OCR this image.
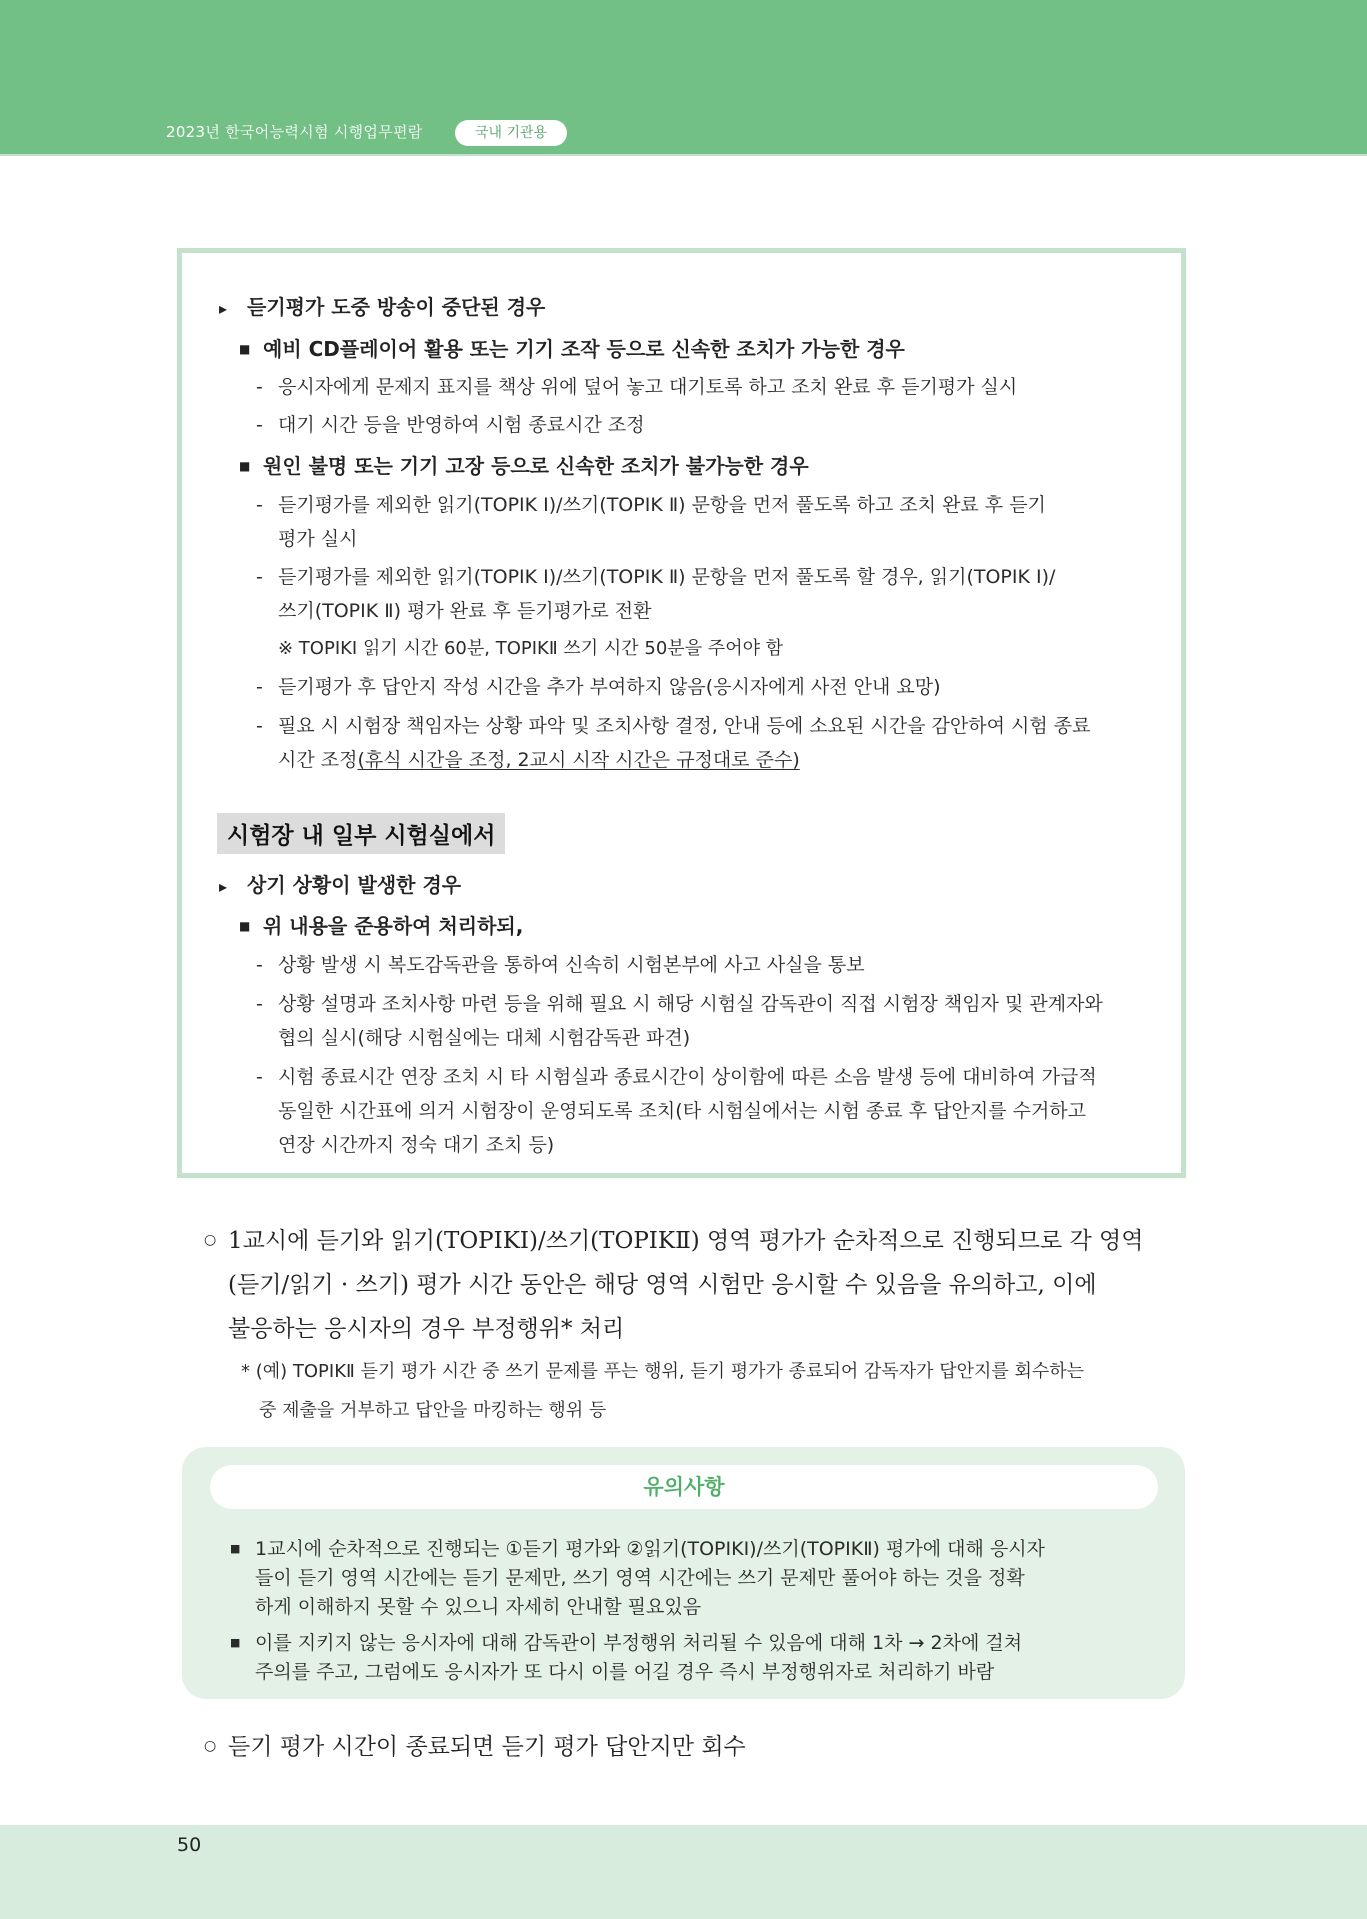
2023년 한국어능력시험 시행업무편람	국내 기관용
▸ 듣기평가 도중 방송이 중단된 경우
■ 예비 CD플레이어 활용 또는 기기 조작 등으로 신속한 조치가 가능한 경우
- 응시자에게 문제지 표지를 책상 위에 덮어 놓고 대기토록 하고 조치 완료 후 듣기평가 실시
- 대기 시간 등을 반영하여 시험 종료시간 조정
■ 원인 불명 또는 기기 고장 등으로 신속한 조치가 불가능한 경우
- 듣기평가를 제외한 읽기(TOPIK Ⅰ)/쓰기(TOPIK Ⅱ) 문항을 먼저 풀도록 하고 조치 완료 후 듣기
평가 실시
- 듣기평가를 제외한 읽기(TOPIK Ⅰ)/쓰기(TOPIK Ⅱ) 문항을 먼저 풀도록 할 경우, 읽기(TOPIK Ⅰ)/
쓰기(TOPIK Ⅱ) 평가 완료 후 듣기평가로 전환
※ TOPIKⅠ 읽기 시간 60분, TOPIKⅡ 쓰기 시간 50분을 주어야 함
- 듣기평가 후 답안지 작성 시간을 추가 부여하지 않음(응시자에게 사전 안내 요망)
- 필요 시 시험장 책임자는 상황 파악 및 조치사항 결정, 안내 등에 소요된 시간을 감안하여 시험 종료
시간 조정(휴식 시간을 조정, 2교시 시작 시간은 규정대로 준수)
시험장 내 일부 시험실에서
▸ 상기 상황이 발생한 경우
■ 위 내용을 준용하여 처리하되,
- 상황 발생 시 복도감독관을 통하여 신속히 시험본부에 사고 사실을 통보
- 상황 설명과 조치사항 마련 등을 위해 필요 시 해당 시험실 감독관이 직접 시험장 책임자 및 관계자와
협의 실시(해당 시험실에는 대체 시험감독관 파견)
- 시험 종료시간 연장 조치 시 타 시험실과 종료시간이 상이함에 따른 소음 발생 등에 대비하여 가급적
동일한 시간표에 의거 시험장이 운영되도록 조치(타 시험실에서는 시험 종료 후 답안지를 수거하고
연장 시간까지 정숙 대기 조치 등)
○ 1교시에 듣기와 읽기(TOPIKⅠ)/쓰기(TOPIKⅡ) 영역 평가가 순차적으로 진행되므로 각 영역
(듣기/읽기 · 쓰기) 평가 시간 동안은 해당 영역 시험만 응시할 수 있음을 유의하고, 이에
불응하는 응시자의 경우 부정행위* 처리
* (예) TOPIKⅡ 듣기 평가 시간 중 쓰기 문제를 푸는 행위, 듣기 평가가 종료되어 감독자가 답안지를 회수하는
중 제출을 거부하고 답안을 마킹하는 행위 등
유의사항
■ 1교시에 순차적으로 진행되는 ①듣기 평가와 ②읽기(TOPIKⅠ)/쓰기(TOPIKⅡ) 평가에 대해 응시자
들이 듣기 영역 시간에는 듣기 문제만, 쓰기 영역 시간에는 쓰기 문제만 풀어야 하는 것을 정확
하게 이해하지 못할 수 있으니 자세히 안내할 필요있음
■ 이를 지키지 않는 응시자에 대해 감독관이 부정행위 처리될 수 있음에 대해 1차 → 2차에 걸쳐
주의를 주고, 그럼에도 응시자가 또 다시 이를 어길 경우 즉시 부정행위자로 처리하기 바람
○ 듣기 평가 시간이 종료되면 듣기 평가 답안지만 회수
50
